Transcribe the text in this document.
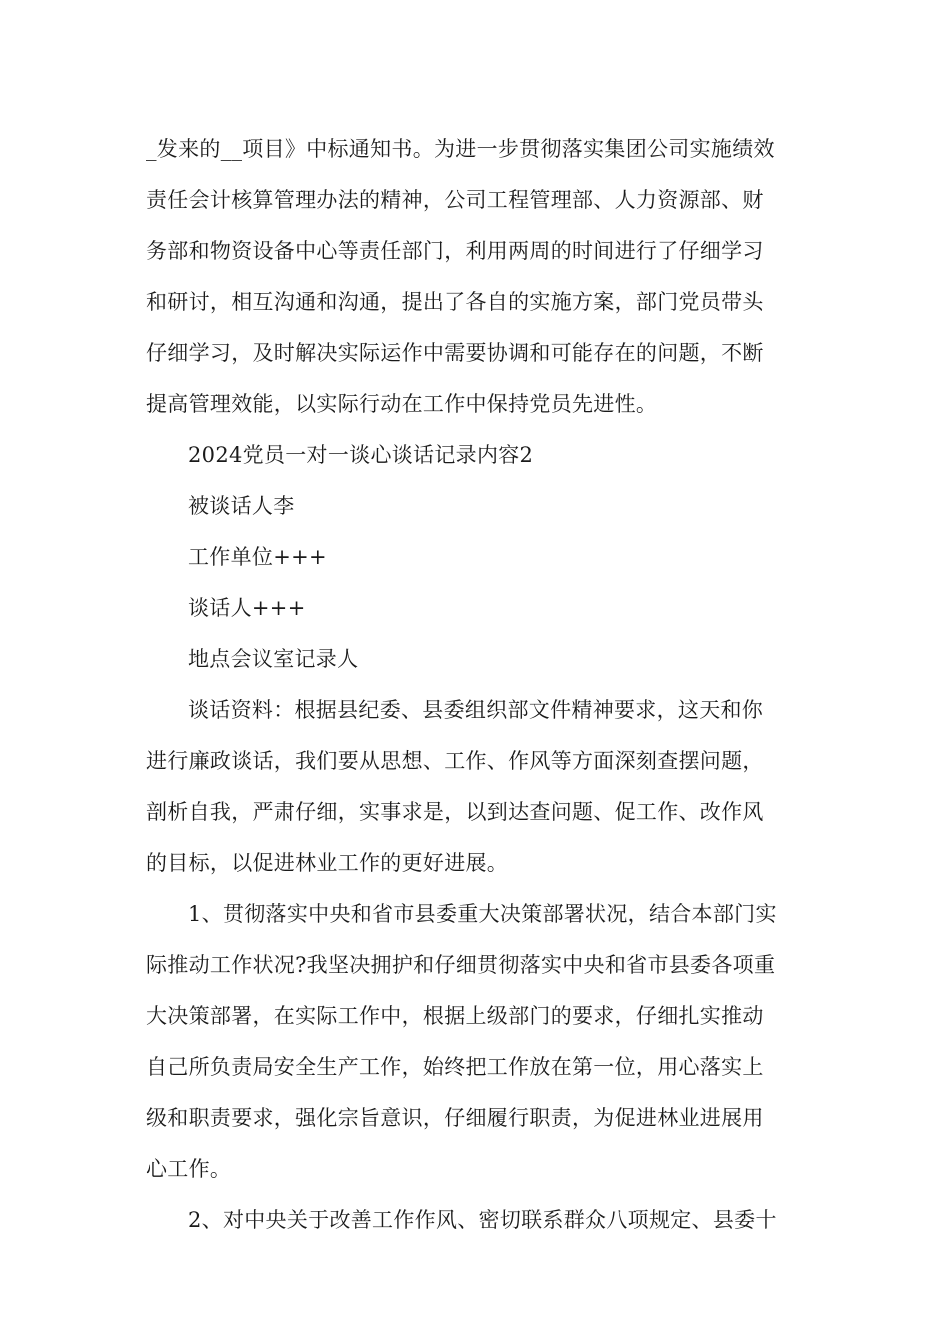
_发来的__项目》中标通知书。为进一步贯彻落实集团公司实施绩效
责任会计核算管理办法的精神，公司工程管理部、人力资源部、财
务部和物资设备中心等责任部门，利用两周的时间进行了仔细学习
和研讨，相互沟通和沟通，提出了各自的实施方案，部门党员带头
仔细学习，及时解决实际运作中需要协调和可能存在的问题，不断
提高管理效能，以实际行动在工作中保持党员先进性。
2024党员一对一谈心谈话记录内容2
被谈话人李
工作单位+++
谈话人+++
地点会议室记录人
谈话资料：根据县纪委、县委组织部文件精神要求，这天和你
进行廉政谈话，我们要从思想、工作、作风等方面深刻查摆问题，
剖析自我，严肃仔细，实事求是，以到达查问题、促工作、改作风
的目标，以促进林业工作的更好进展。
1、贯彻落实中央和省市县委重大决策部署状况，结合本部门实
际推动工作状况?我坚决拥护和仔细贯彻落实中央和省市县委各项重
大决策部署，在实际工作中，根据上级部门的要求，仔细扎实推动
自己所负责局安全生产工作，始终把工作放在第一位，用心落实上
级和职责要求，强化宗旨意识，仔细履行职责，为促进林业进展用
心工作。
2、对中央关于改善工作作风、密切联系群众八项规定、县委十
